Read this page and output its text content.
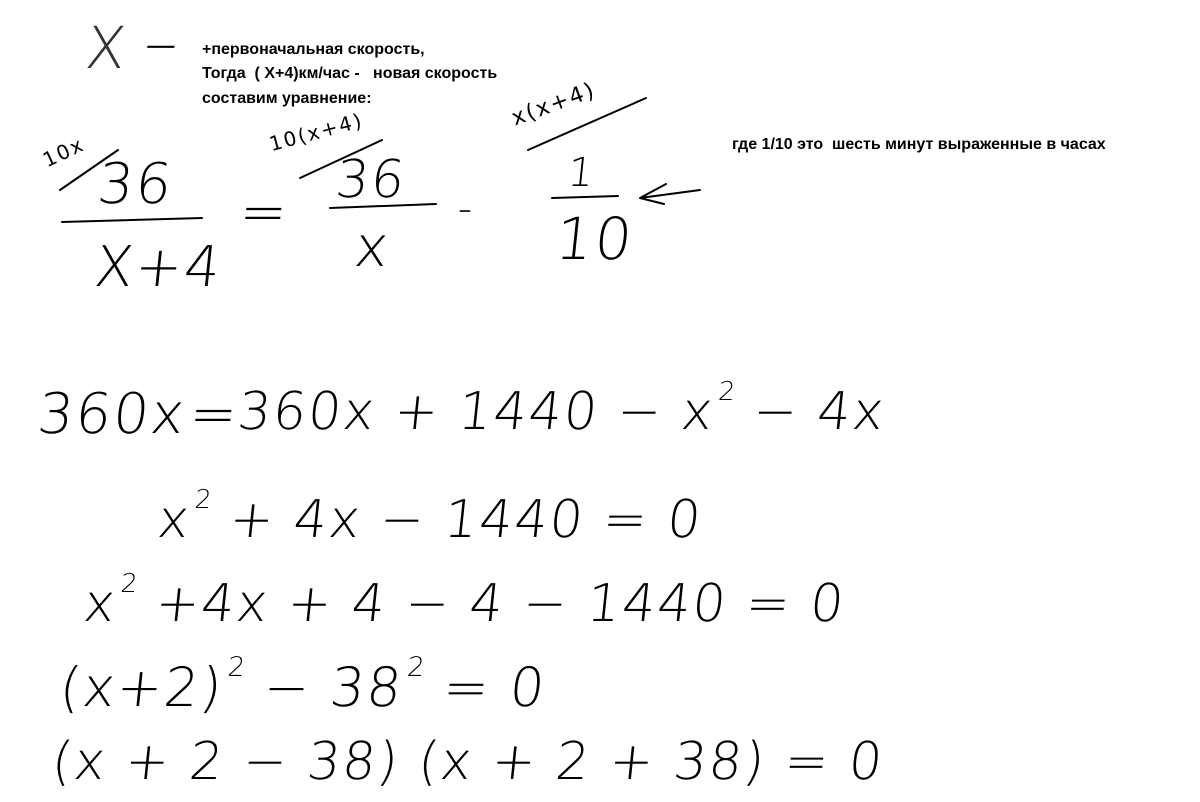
X — +первоначальная скорость,
Тогда  ( X+4)км/час -   новая скорость
составим уравнение:
где 1/10 это  шесть минут выраженные в часах
10x 36
X+4
=
10(x+4)
36
x
-
x(x+4)
1
10
360x
=
$360x + 1440 - x^2 - 4x$
$x^2 + 4x - 1440 = 0$
$x^2 +4x + 4 - 4 - 1440 = 0$
$(x+2)^2 - 38^2 = 0$
(x + 2 − 38) (x + 2 + 38) = 0
